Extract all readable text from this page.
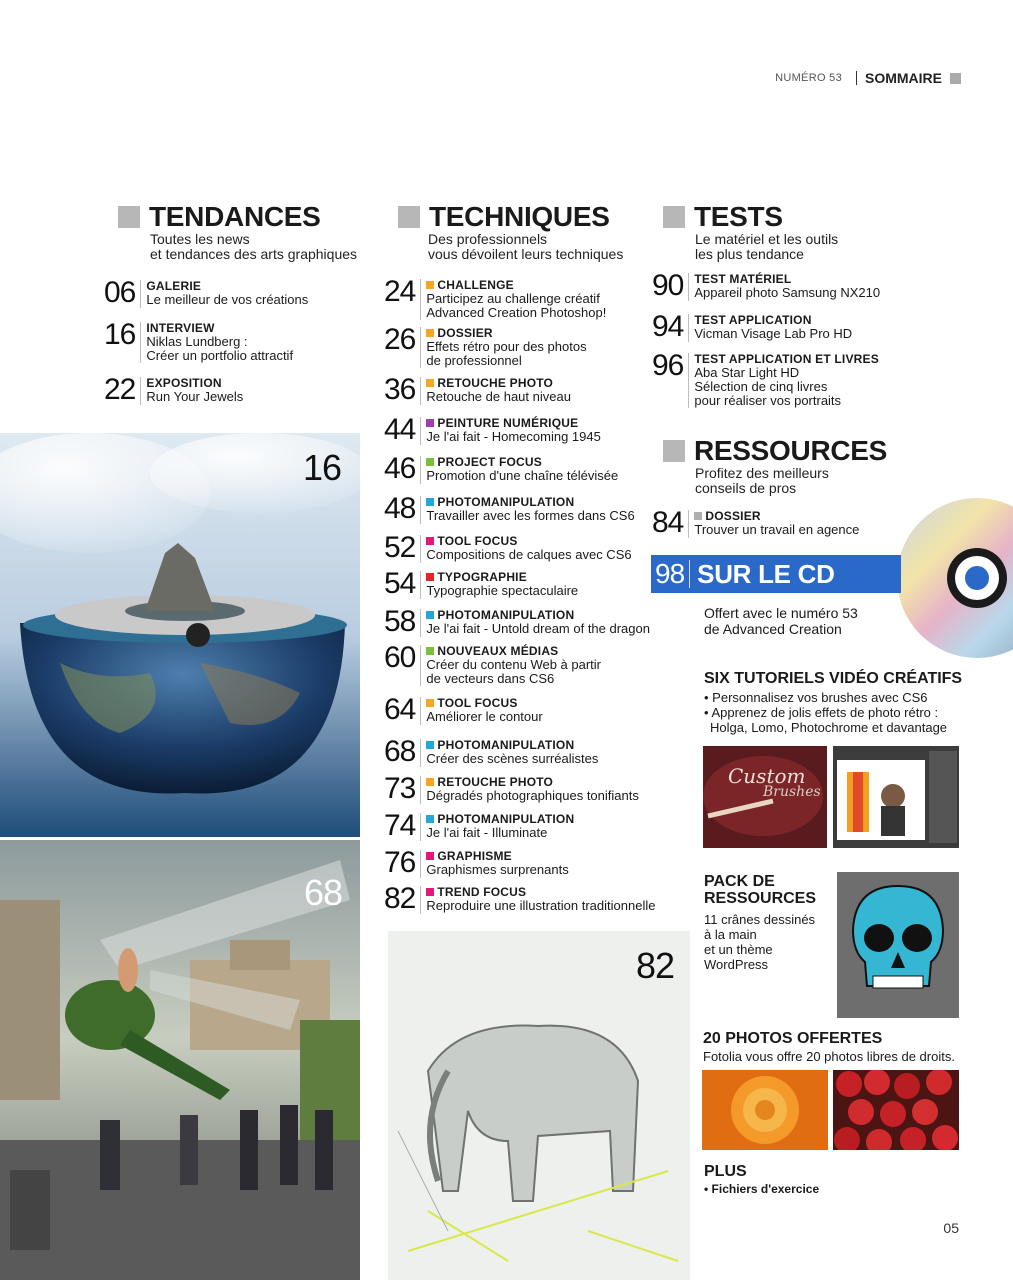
NUMÉRO 53 SOMMAIRE
TENDANCES
Toutes les news
et tendances des arts graphiques
06 GALERIE
Le meilleur de vos créations
16 INTERVIEW
Niklas Lundberg :
Créer un portfolio attractif
22 EXPOSITION
Run Your Jewels
16
68
TECHNIQUES
Des professionnels
vous dévoilent leurs techniques
24 CHALLENGE
Participez au challenge créatif
Advanced Creation Photoshop!
26 DOSSIER
Effets rétro pour des photos
de professionnel
36 RETOUCHE PHOTO
Retouche de haut niveau
44 PEINTURE NUMÉRIQUE
Je l'ai fait - Homecoming 1945
46 PROJECT FOCUS
Promotion d'une chaîne télévisée
48 PHOTOMANIPULATION
Travailler avec les formes dans CS6
52 TOOL FOCUS
Compositions de calques avec CS6
54 TYPOGRAPHIE
Typographie spectaculaire
58 PHOTOMANIPULATION
Je l'ai fait - Untold dream of the dragon
60 NOUVEAUX MÉDIAS
Créer du contenu Web à partir
de vecteurs dans CS6
64 TOOL FOCUS
Améliorer le contour
68 PHOTOMANIPULATION
Créer des scènes surréalistes
73 RETOUCHE PHOTO
Dégradés photographiques tonifiants
74 PHOTOMANIPULATION
Je l'ai fait - Illuminate
76 GRAPHISME
Graphismes surprenants
82 TREND FOCUS
Reproduire une illustration traditionnelle
82
TESTS
Le matériel et les outils
les plus tendance
90 TEST MATÉRIEL
Appareil photo Samsung NX210
94 TEST APPLICATION
Vicman Visage Lab Pro HD
96 TEST APPLICATION ET LIVRES
Aba Star Light HD
Sélection de cinq livres
pour réaliser vos portraits
RESSOURCES
Profitez des meilleurs
conseils de pros
84 DOSSIER
Trouver un travail en agence
98 SUR LE CD
Offert avec le numéro 53
de Advanced Creation
SIX TUTORIELS VIDÉO CRÉATIFS
• Personnalisez vos brushes avec CS6
• Apprenez de jolis effets de photo rétro :
Holga, Lomo, Photochrome et davantage
Custom
Brushes
PACK DE
RESSOURCES
11 crânes dessinés
à la main
et un thème
WordPress
20 PHOTOS OFFERTES
Fotolia vous offre 20 photos libres de droits.
PLUS
• Fichiers d'exercice
05
